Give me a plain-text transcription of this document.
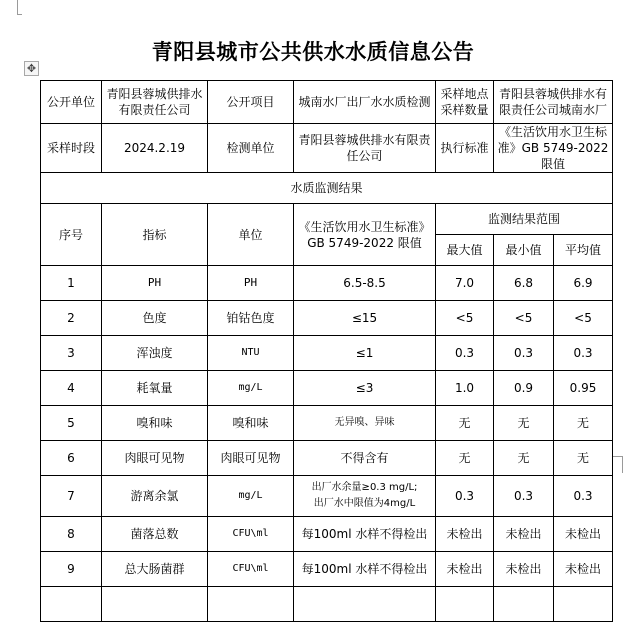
青阳县城市公共供水水质信息公告
✥
公开单位	青阳县蓉城供排水有限责任公司	公开项目	城南水厂出厂水水质检测	采样地点采样数量	青阳县蓉城供排水有限责任公司城南水厂	
采样时段	2024.2.19	检测单位	青阳县蓉城供排水有限责任公司	执行标准	《生活饮用水卫生标准》GB 5749-2022 限值	
水质监测结果						
序号	指标	单位	《生活饮用水卫生标准》GB 5749-2022 限值	监测结果范围		
				最大值	最小值	平均值
1	PH	PH	6.5-8.5	7.0	6.8	6.9
2	色度	铂钴色度	≤15	<5	<5	<5
3	浑浊度	NTU	≤1	0.3	0.3	0.3
4	耗氧量	mg/L	≤3	1.0	0.9	0.95
5	嗅和味	嗅和味	无异嗅、异味	无	无	无
6	肉眼可见物	肉眼可见物	不得含有	无	无	无
7	游离余氯	mg/L	出厂水余量≥0.3 mg/L;
出厂水中限值为4mg/L	0.3	0.3	0.3
8	菌落总数	CFU\ml	每100ml 水样不得检出	未检出	未检出	未检出
9	总大肠菌群	CFU\ml	每100ml 水样不得检出	未检出	未检出	未检出
